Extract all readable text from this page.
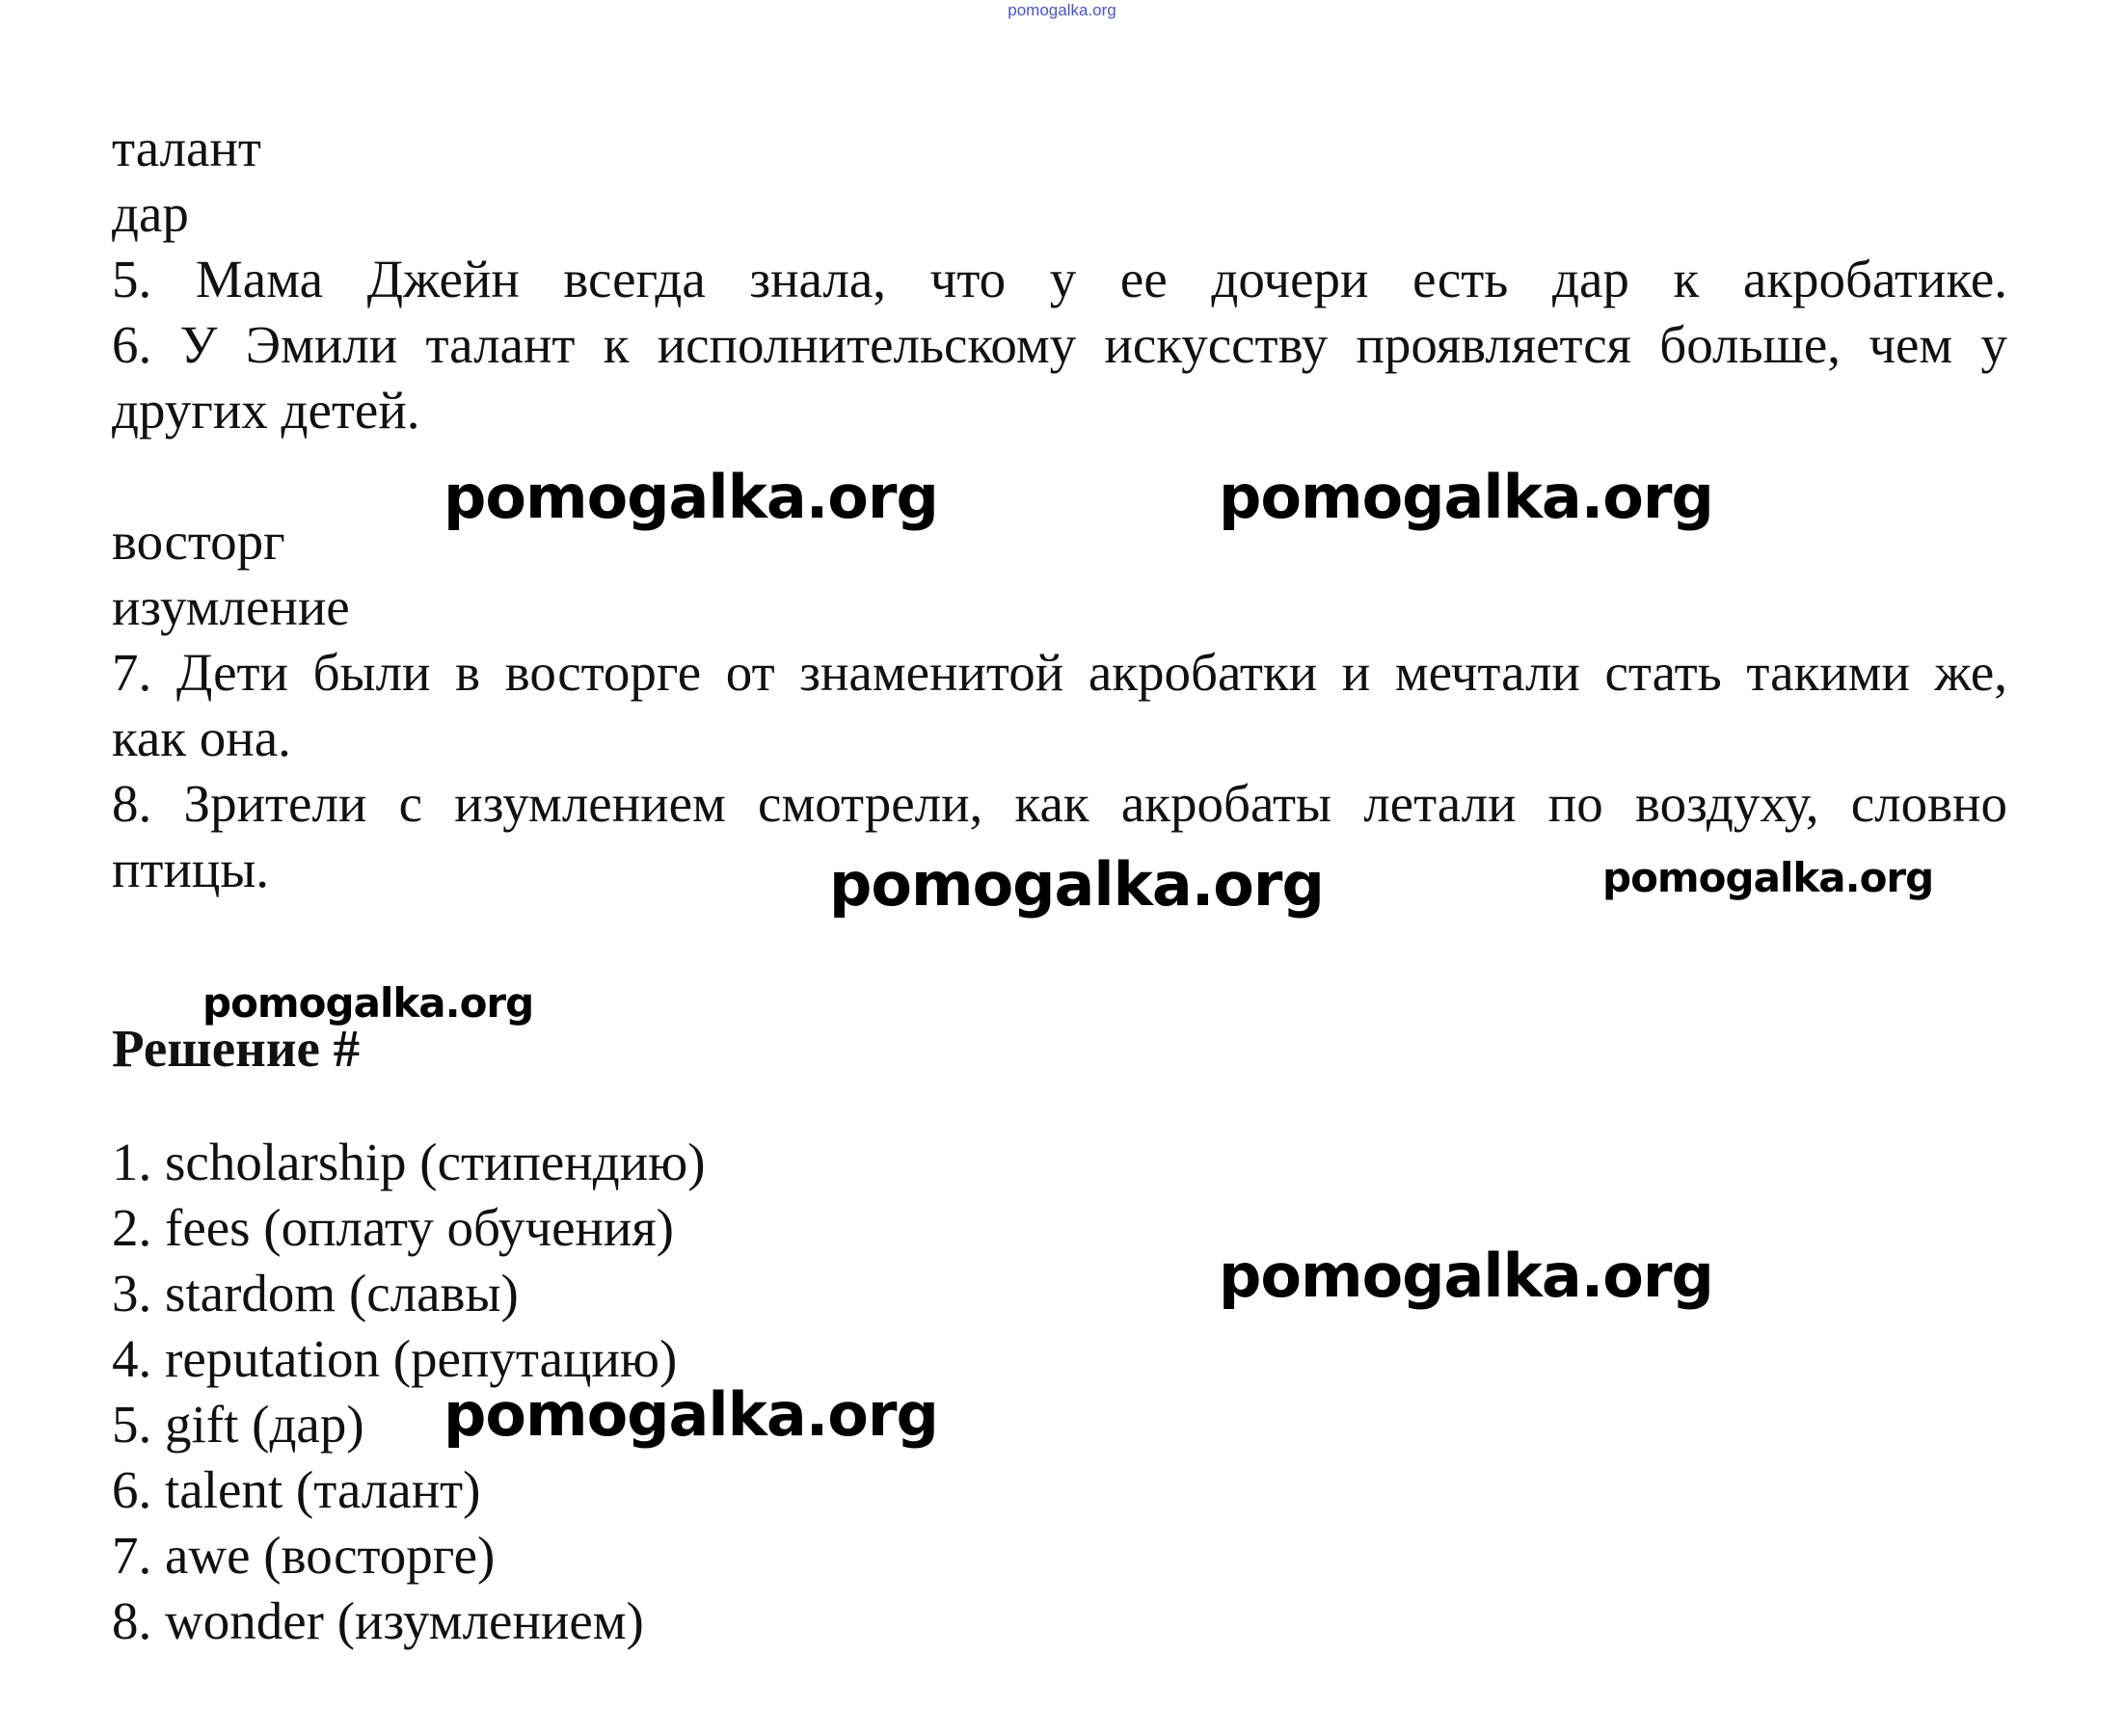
pomogalka.org
талант
дар
5. Мама Джейн всегда знала, что у ее дочери есть дар к акробатике.
6. У Эмили талант к исполнительскому искусству проявляется больше, чем у
других детей.
восторг
изумление
7. Дети были в восторге от знаменитой акробатки и мечтали стать такими же,
как она.
8. Зрители с изумлением смотрели, как акробаты летали по воздуху, словно
птицы.
Решение #
1. scholarship (стипендию)
2. fees (оплату обучения)
3. stardom (славы)
4. reputation (репутацию)
5. gift (дар)
6. talent (талант)
7. awe (восторге)
8. wonder (изумлением)
pomogalka.org	pomogalka.org
pomogalka.org	pomogalka.org
pomogalka.org
pomogalka.org
pomogalka.org
